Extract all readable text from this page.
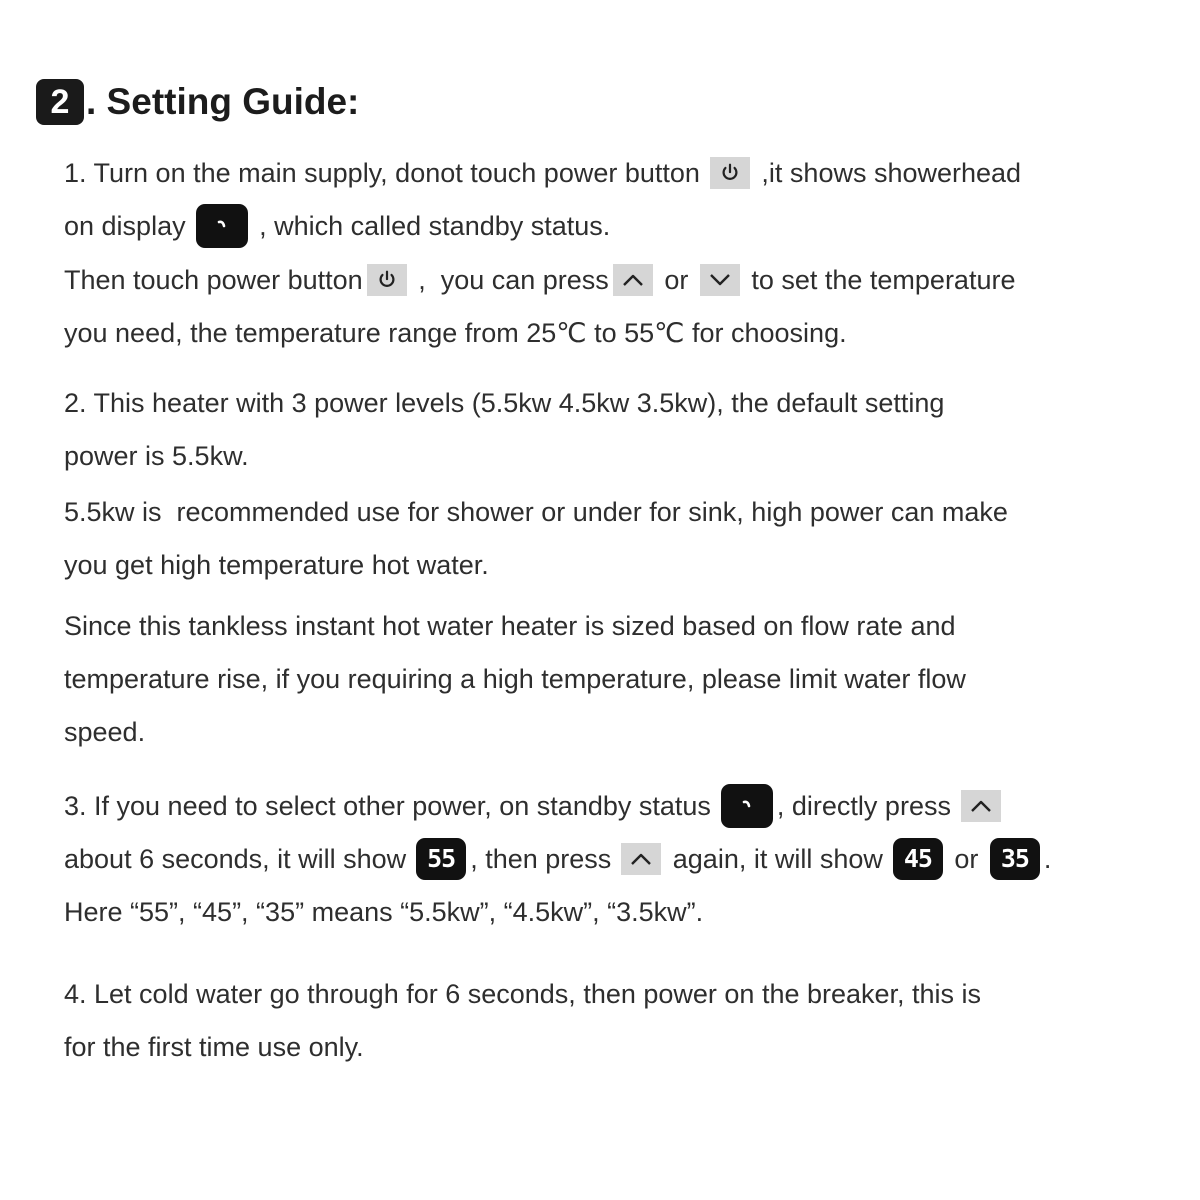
2 . Setting Guide:
1. Turn on the main supply, donot touch power button ,it shows showerhead
on display , which called standby status.
Then touch power button ,  you can press or to set the temperature
you need, the temperature range from 25℃ to 55℃ for choosing.
2. This heater with 3 power levels (5.5kw 4.5kw 3.5kw), the default setting
power is 5.5kw.
5.5kw is  recommended use for shower or under for sink, high power can make
you get high temperature hot water.
Since this tankless instant hot water heater is sized based on flow rate and
temperature rise, if you requiring a high temperature, please limit water flow
speed.
3. If you need to select other power, on standby status , directly press
about 6 seconds, it will show 55 , then press again, it will show 45 or 35 .
Here “55”, “45”, “35” means “5.5kw”, “4.5kw”, “3.5kw”.
4. Let cold water go through for 6 seconds, then power on the breaker, this is
for the first time use only.
